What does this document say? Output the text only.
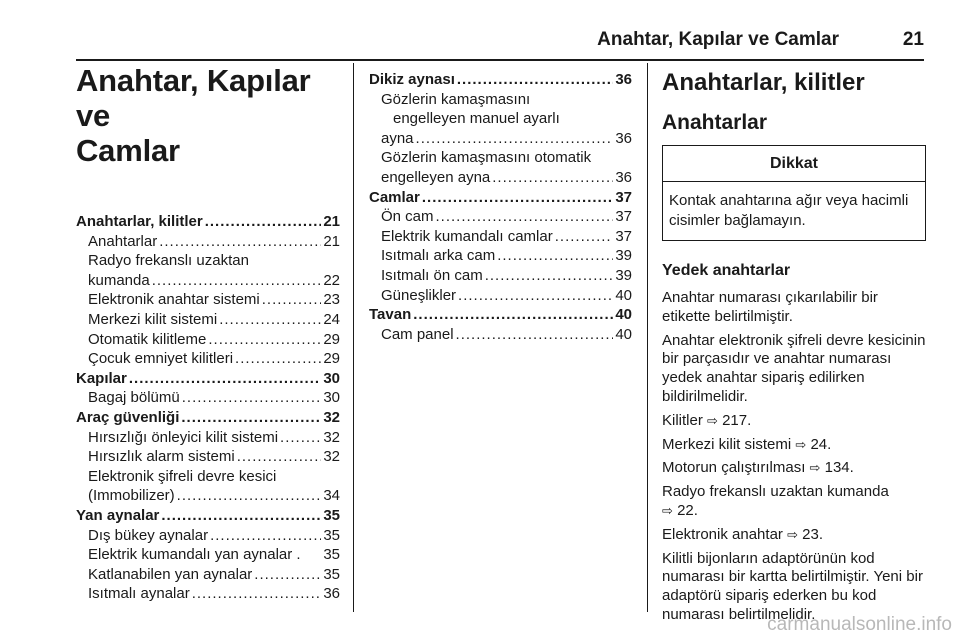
Anahtar, Kapılar ve Camlar	21
Anahtar, Kapılar ve
Camlar
Anahtarlar, kilitler .....	21
Anahtarlar .....	21
Radyo frekanslı uzaktan
kumanda .....	22
Elektronik anahtar sistemi .....	23
Merkezi kilit sistemi .....	24
Otomatik kilitleme .....	29
Çocuk emniyet kilitleri .....	29
Kapılar .....	30
Bagaj bölümü .....	30
Araç güvenliği .....	32
Hırsızlığı önleyici kilit sistemi .....	32
Hırsızlık alarm sistemi .....	32
Elektronik şifreli devre kesici
(Immobilizer) .....	34
Yan aynalar .....	35
Dış bükey aynalar .....	35
Elektrik kumandalı yan aynalar . 35
Katlanabilen yan aynalar .....	35
Isıtmalı aynalar .....	36
Dikiz aynası .....	36
Gözlerin kamaşmasını
engelleyen manuel ayarlı
ayna .....	36
Gözlerin kamaşmasını otomatik
engelleyen ayna .....	36
Camlar .....	37
Ön cam .....	37
Elektrik kumandalı camlar .....	37
Isıtmalı arka cam .....	39
Isıtmalı ön cam .....	39
Güneşlikler .....	40
Tavan .....	40
Cam panel .....	40
Anahtarlar, kilitler
Anahtarlar
Dikkat
Kontak anahtarına ağır veya hacimli cisimler bağlamayın.
Yedek anahtarlar

Anahtar numarası çıkarılabilir bir etikette belirtilmiştir.

Anahtar elektronik şifreli devre kesicinin bir parçasıdır ve anahtar numarası yedek anahtar sipariş edilirken bildirilmelidir.

Kilitler ⇨ 217.

Merkezi kilit sistemi ⇨ 24.

Motorun çalıştırılması ⇨ 134.

Radyo frekanslı uzaktan kumanda
⇨ 22.

Elektronik anahtar ⇨ 23.

Kilitli bijonların adaptörünün kod numarası bir kartta belirtilmiştir. Yeni bir adaptörü sipariş ederken bu kod numarası belirtilmelidir.

carmanualsonline.info
